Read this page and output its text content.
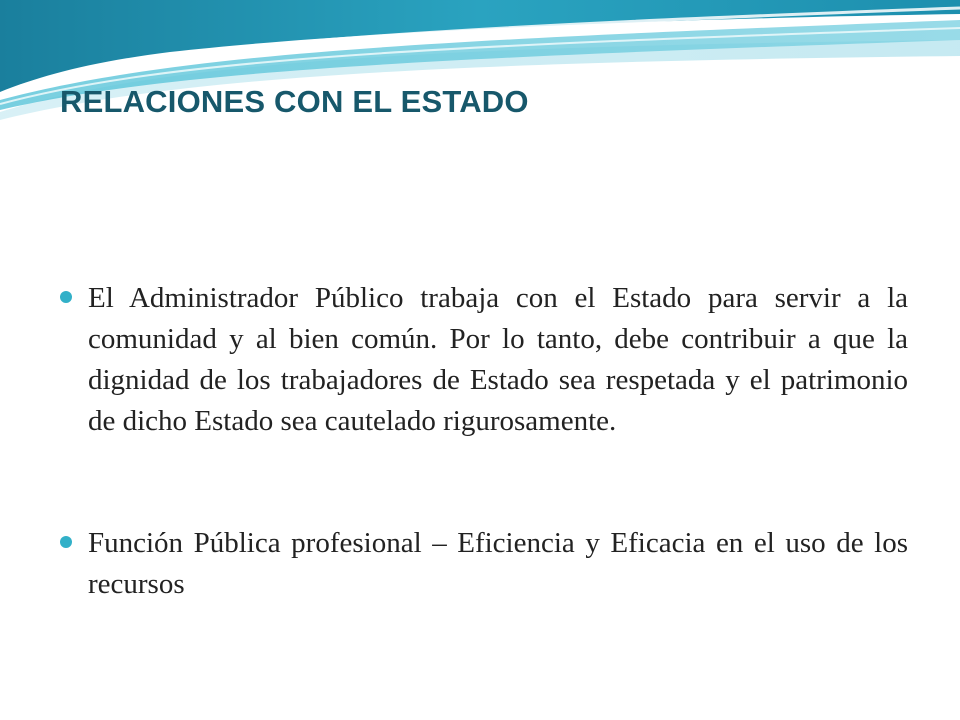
RELACIONES CON EL ESTADO
El Administrador Público trabaja con el Estado para servir a la comunidad y al bien común. Por lo tanto, debe contribuir a que la dignidad de los trabajadores de Estado sea respetada y el patrimonio de dicho Estado sea cautelado rigurosamente.
Función Pública profesional – Eficiencia y Eficacia en el uso de los recursos
